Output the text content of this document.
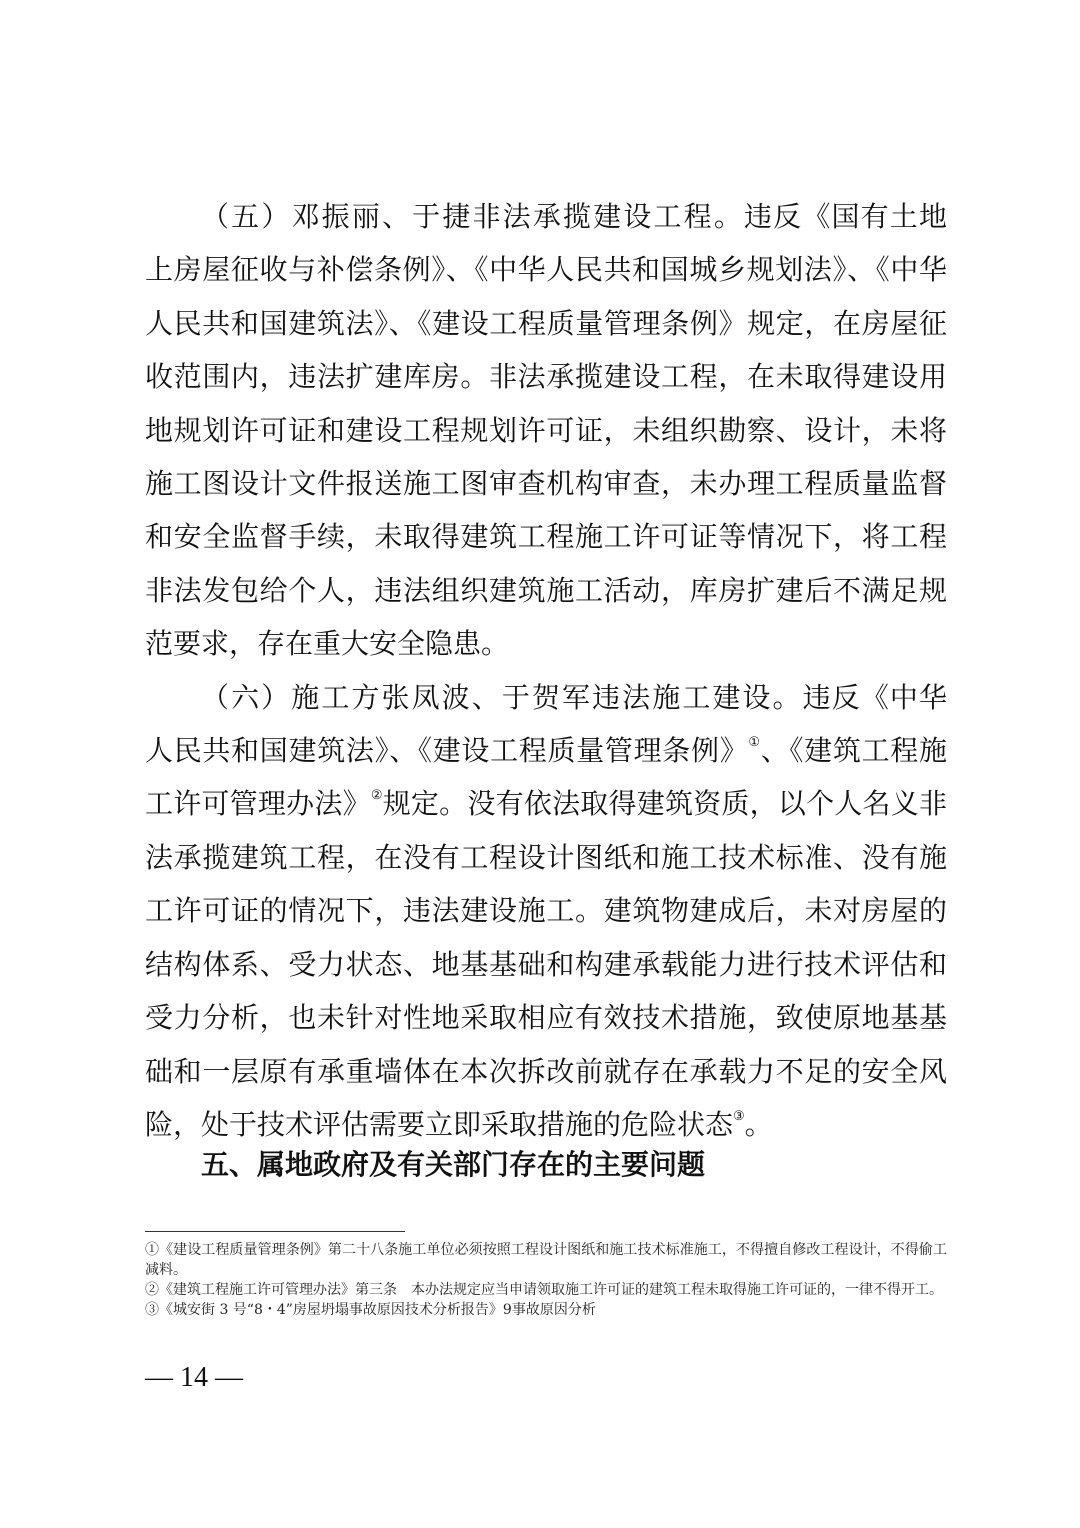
（五）邓振丽、于捷非法承揽建设工程。违反《国有土地上房屋征收与补偿条例》、《中华人民共和国城乡规划法》、《中华人民共和国建筑法》、《建设工程质量管理条例》规定，在房屋征收范围内，违法扩建库房。非法承揽建设工程，在未取得建设用地规划许可证和建设工程规划许可证，未组织勘察、设计，未将施工图设计文件报送施工图审查机构审查，未办理工程质量监督和安全监督手续，未取得建筑工程施工许可证等情况下，将工程非法发包给个人，违法组织建筑施工活动，库房扩建后不满足规范要求，存在重大安全隐患。

（六）施工方张凤波、于贺军违法施工建设。违反《中华人民共和国建筑法》、《建设工程质量管理条例》①、《建筑工程施工许可管理办法》②规定。没有依法取得建筑资质，以个人名义非法承揽建筑工程，在没有工程设计图纸和施工技术标准、没有施工许可证的情况下，违法建设施工。建筑物建成后，未对房屋的结构体系、受力状态、地基基础和构建承载能力进行技术评估和受力分析，也未针对性地采取相应有效技术措施，致使原地基基础和一层原有承重墙体在本次拆改前就存在承载力不足的安全风险，处于技术评估需要立即采取措施的危险状态③。

五、属地政府及有关部门存在的主要问题

①《建设工程质量管理条例》第二十八条施工单位必须按照工程设计图纸和施工技术标准施工，不得擅自修改工程设计，不得偷工减料。

②《建筑工程施工许可管理办法》第三条　本办法规定应当申请领取施工许可证的建筑工程未取得施工许可证的，一律不得开工。

③《城安街 3 号“8・4”房屋坍塌事故原因技术分析报告》9事故原因分析

— 14 —
